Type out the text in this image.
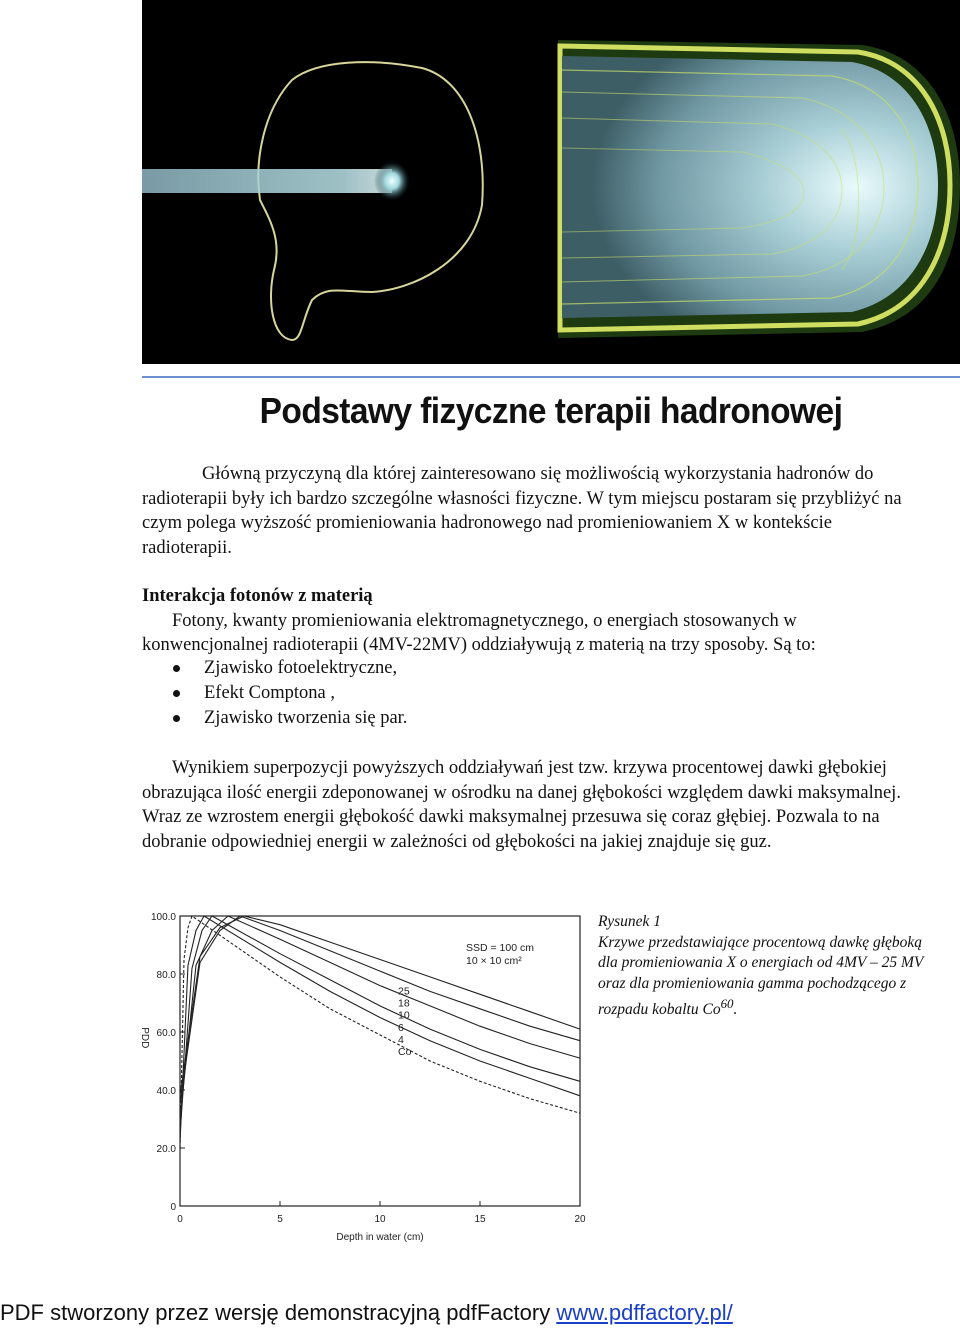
Podstawy fizyczne terapii hadronowej
Główną przyczyną dla której zainteresowano się możliwością wykorzystania hadronów do radioterapii były ich bardzo szczególne własności fizyczne. W tym miejscu postaram się przybliżyć na czym polega wyższość promieniowania hadronowego nad promieniowaniem X w kontekście radioterapii.
Interakcja fotonów z materią
Fotony, kwanty promieniowania elektromagnetycznego, o energiach stosowanych w konwencjonalnej radioterapii (4MV-22MV) oddziaływują z materią na trzy sposoby. Są to:
Zjawisko fotoelektryczne,
Efekt Comptona ,
Zjawisko tworzenia się par.
Wynikiem superpozycji powyższych oddziaływań jest tzw. krzywa procentowej dawki głębokiej obrazująca ilość energii zdeponowanej w ośrodku na danej głębokości względem dawki maksymalnej. Wraz ze wzrostem energii głębokość dawki maksymalnej przesuwa się coraz głębiej. Pozwala to na dobranie odpowiedniej energii w zależności od głębokości na jakiej znajduje się guz.
100.0
80.0
60.0
40.0
20.0
0
0	5	10	15	20
Depth in water (cm)
PDD
SSD = 100 cm
10 × 10 cm²
25
18
10
6
4
Co
Rysunek 1
Krzywe przedstawiające procentową dawkę głęboką dla promieniowania X o energiach od 4MV – 25 MV oraz dla promieniowania gamma pochodzącego z rozpadu kobaltu Co$^{60}$.
PDF stworzony przez wersję demonstracyjną pdfFactory www.pdffactory.pl/
